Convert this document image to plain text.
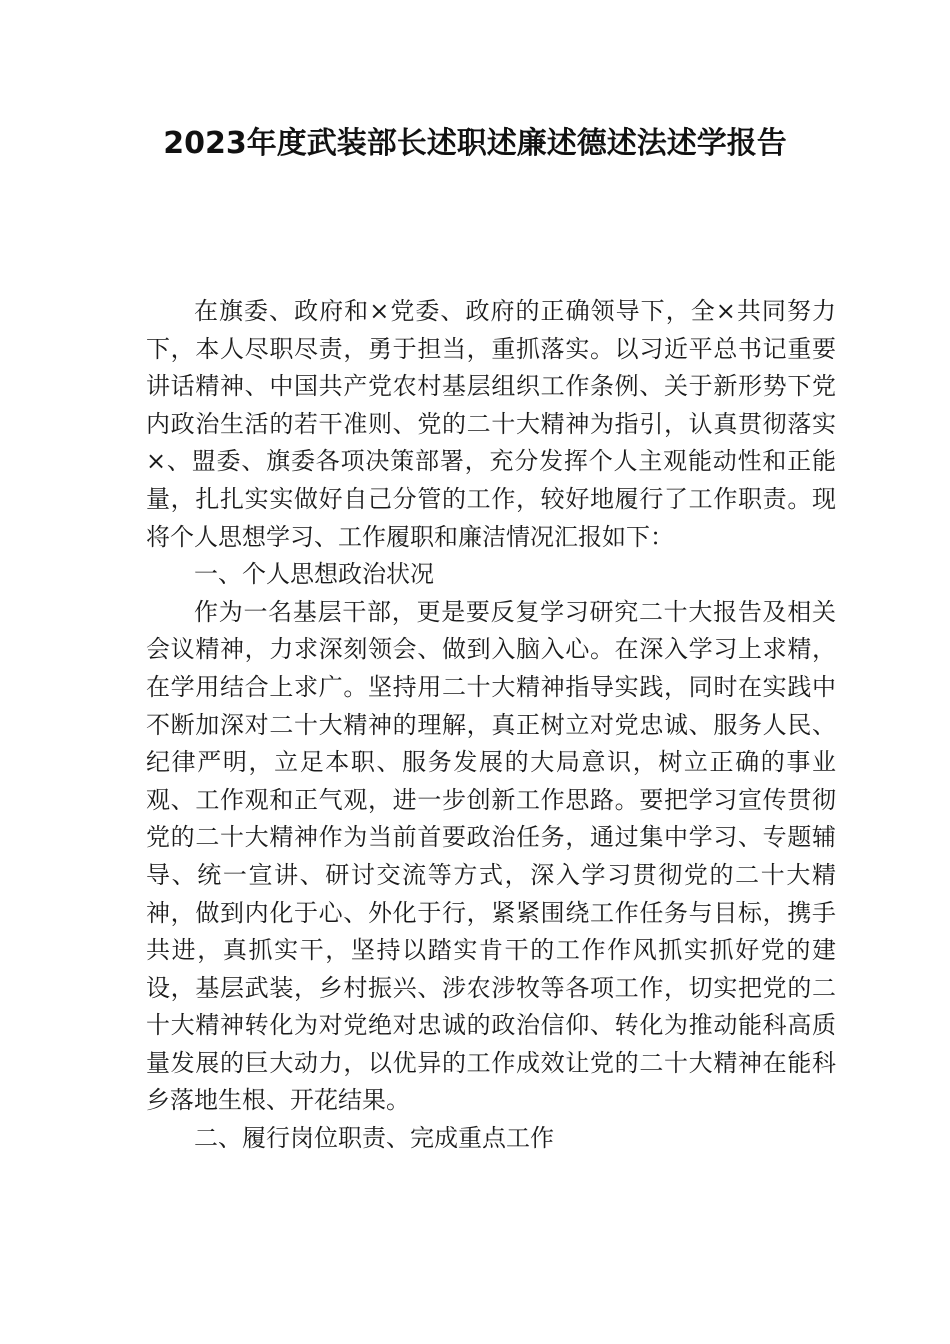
2023年度武装部长述职述廉述德述法述学报告

在旗委、政府和×党委、政府的正确领导下，全×共同努力下，本人尽职尽责，勇于担当，重抓落实。以习近平总书记重要讲话精神、中国共产党农村基层组织工作条例、关于新形势下党内政治生活的若干准则、党的二十大精神为指引，认真贯彻落实×、盟委、旗委各项决策部署，充分发挥个人主观能动性和正能量，扎扎实实做好自己分管的工作，较好地履行了工作职责。现将个人思想学习、工作履职和廉洁情况汇报如下：

一、个人思想政治状况

作为一名基层干部，更是要反复学习研究二十大报告及相关会议精神，力求深刻领会、做到入脑入心。在深入学习上求精，在学用结合上求广。坚持用二十大精神指导实践，同时在实践中不断加深对二十大精神的理解，真正树立对党忠诚、服务人民、纪律严明，立足本职、服务发展的大局意识，树立正确的事业观、工作观和正气观，进一步创新工作思路。要把学习宣传贯彻党的二十大精神作为当前首要政治任务，通过集中学习、专题辅导、统一宣讲、研讨交流等方式，深入学习贯彻党的二十大精神，做到内化于心、外化于行，紧紧围绕工作任务与目标，携手共进，真抓实干，坚持以踏实肯干的工作作风抓实抓好党的建设，基层武装，乡村振兴、涉农涉牧等各项工作，切实把党的二十大精神转化为对党绝对忠诚的政治信仰、转化为推动能科高质量发展的巨大动力，以优异的工作成效让党的二十大精神在能科乡落地生根、开花结果。

二、履行岗位职责、完成重点工作
